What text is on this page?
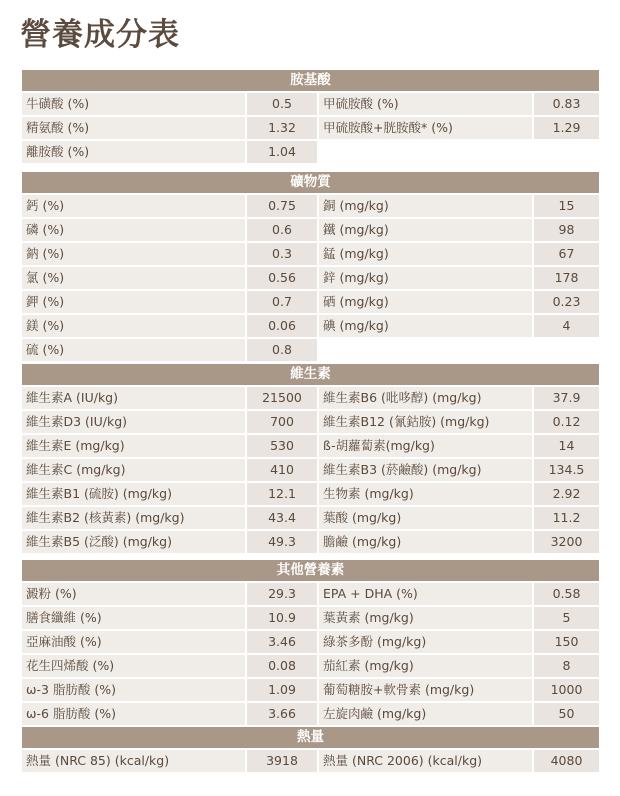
營養成分表
胺基酸
牛磺酸 (%)	0.5	甲硫胺酸 (%)	0.83
精氨酸 (%)	1.32	甲硫胺酸+胱胺酸* (%)	1.29
離胺酸 (%)	1.04
礦物質
鈣 (%)	0.75	銅 (mg/kg)	15
磷 (%)	0.6	鐵 (mg/kg)	98
鈉 (%)	0.3	錳 (mg/kg)	67
氯 (%)	0.56	鋅 (mg/kg)	178
鉀 (%)	0.7	硒 (mg/kg)	0.23
鎂 (%)	0.06	碘 (mg/kg)	4
硫 (%)	0.8
維生素
維生素A (IU/kg)	21500	維生素B6 (吡哆醇) (mg/kg)	37.9
維生素D3 (IU/kg)	700	維生素B12 (氰鈷胺) (mg/kg)	0.12
維生素E (mg/kg)	530	ß-胡蘿蔔素(mg/kg)	14
維生素C (mg/kg)	410	維生素B3 (菸鹼酸) (mg/kg)	134.5
維生素B1 (硫胺) (mg/kg)	12.1	生物素 (mg/kg)	2.92
維生素B2 (核黃素) (mg/kg)	43.4	葉酸 (mg/kg)	11.2
維生素B5 (泛酸) (mg/kg)	49.3	膽鹼 (mg/kg)	3200
其他營養素
澱粉 (%)	29.3	EPA + DHA (%)	0.58
膳食纖維 (%)	10.9	葉黃素 (mg/kg)	5
亞麻油酸 (%)	3.46	綠茶多酚 (mg/kg)	150
花生四烯酸 (%)	0.08	茄紅素 (mg/kg)	8
ω-3 脂肪酸 (%)	1.09	葡萄糖胺+軟骨素 (mg/kg)	1000
ω-6 脂肪酸 (%)	3.66	左旋肉鹼 (mg/kg)	50
熱量
熱量 (NRC 85) (kcal/kg)	3918	熱量 (NRC 2006) (kcal/kg)	4080
